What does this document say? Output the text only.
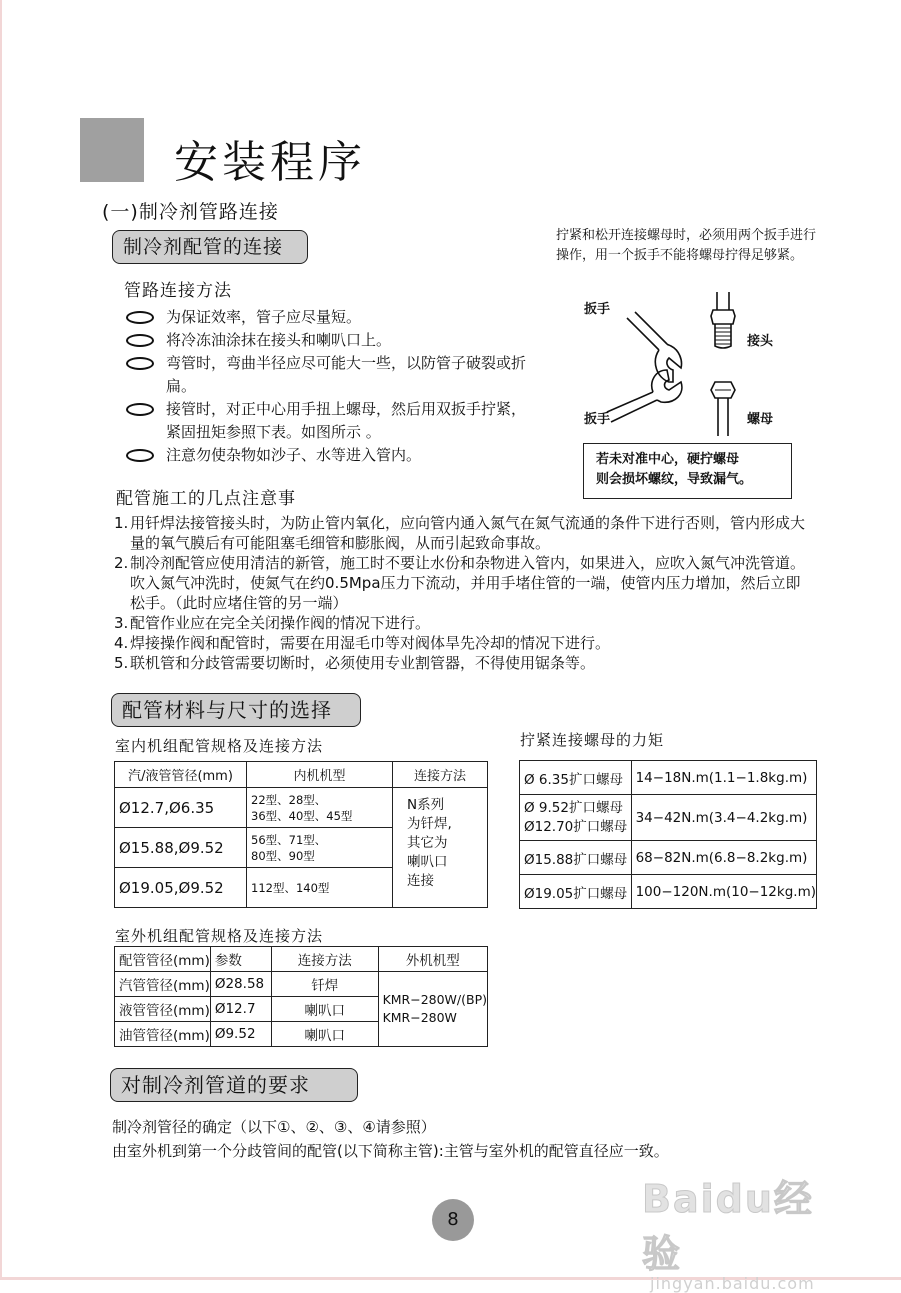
安装程序
(一)制冷剂管路连接
制冷剂配管的连接
管路连接方法
为保证效率，管子应尽量短。
将冷冻油涂抹在接头和喇叭口上。
弯管时，弯曲半径应尽可能大一些，以防管子破裂或折扁。
接管时，对正中心用手扭上螺母，然后用双扳手拧紧，紧固扭矩参照下表。如图所示 。
注意勿使杂物如沙子、水等进入管内。
拧紧和松开连接螺母时，必须用两个扳手进行操作，用一个扳手不能将螺母拧得足够紧。
扳手
扳手
接头
螺母
若未对准中心，硬拧螺母
则会损坏螺纹，导致漏气。
配管施工的几点注意事
1. 用钎焊法接管接头时，为防止管内氧化，应向管内通入氮气在氮气流通的条件下进行否则，管内形成大量的氧气膜后有可能阻塞毛细管和膨胀阀，从而引起致命事故。
2. 制冷剂配管应使用清洁的新管，施工时不要让水份和杂物进入管内，如果进入，应吹入氮气冲洗管道。吹入氮气冲洗时，使氮气在约0.5Mpa压力下流动，并用手堵住管的一端，使管内压力增加，然后立即松手。（此时应堵住管的另一端）
3. 配管作业应在完全关闭操作阀的情况下进行。
4. 焊接操作阀和配管时，需要在用湿毛巾等对阀体旱先冷却的情况下进行。
5. 联机管和分歧管需要切断时，必须使用专业割管器，不得使用锯条等。
配管材料与尺寸的选择
室内机组配管规格及连接方法
汽/液管管径(mm)	内机机型	连接方法
Ø12.7,Ø6.35	22型、28型、
36型、40型、45型

N系列
为钎焊,
其它为
喇叭口
连接

Ø15.88,Ø9.52	56型、71型、
80型、90型	

Ø19.05,Ø9.52	112型、140型	
拧紧连接螺母的力矩
Ø 6.35扩口螺母	14−18N.m(1.1−1.8kg.m)

Ø 9.52扩口螺母
Ø12.70扩口螺母	34−42N.m(3.4−4.2kg.m)
Ø15.88扩口螺母	68−82N.m(6.8−8.2kg.m)
Ø19.05扩口螺母	100−120N.m(10−12kg.m)
室外机组配管规格及连接方法
配管管径(mm)	参数	连接方法	外机机型
汽管管径(mm)	Ø28.58	钎焊	KMR−280W/(BP)
KMR−280W

液管管径(mm)	Ø12.7	喇叭口	
油管管径(mm)	Ø9.52	喇叭口	
对制冷剂管道的要求
制冷剂管径的确定（以下①、②、③、④请参照）
由室外机到第一个分歧管间的配管(以下简称主管):主管与室外机的配管直径应一致。
8	Baidu经验
jingyan.baidu.com
